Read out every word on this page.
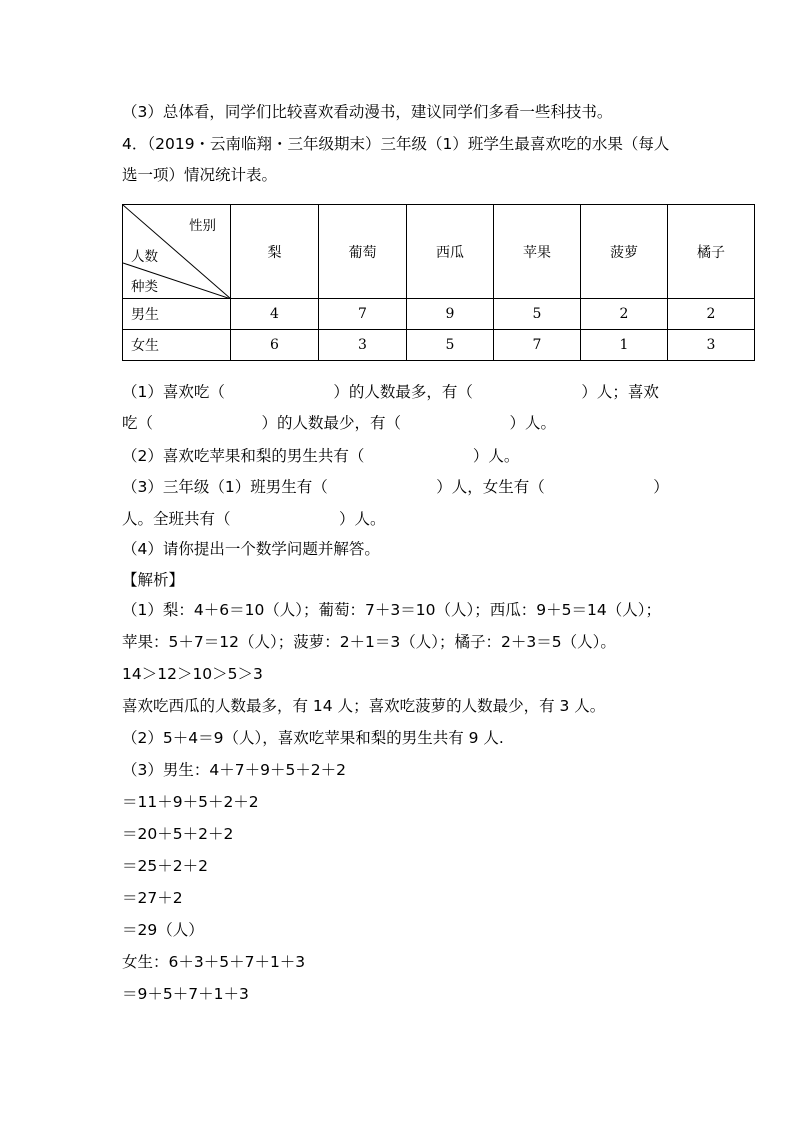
（3）总体看，同学们比较喜欢看动漫书，建议同学们多看一些科技书。
4．（2019・云南临翔・三年级期末）三年级（1）班学生最喜欢吃的水果（每人
选一项）情况统计表。
性别
人数
种类	梨	葡萄	西瓜	苹果	菠萝	橘子
男生	4	7	9	5	2	2
女生	6	3	5	7	1	3
（1）喜欢吃（　　　　　　　）的人数最多，有（　　　　　　　）人；喜欢
吃（　　　　　　　）的人数最少，有（　　　　　　　）人。
（2）喜欢吃苹果和梨的男生共有（　　　　　　　）人。
（3）三年级（1）班男生有（　　　　　　　）人，女生有（　　　　　　　）
人。全班共有（　　　　　　　）人。
（4）请你提出一个数学问题并解答。
【解析】
（1）梨：4＋6＝10（人）；葡萄：7＋3＝10（人）；西瓜：9＋5＝14（人）；
苹果：5＋7＝12（人）；菠萝：2＋1＝3（人）；橘子：2＋3＝5（人）。
14＞12＞10＞5＞3
喜欢吃西瓜的人数最多，有 14 人；喜欢吃菠萝的人数最少，有 3 人。
（2）5＋4＝9（人），喜欢吃苹果和梨的男生共有 9 人.
（3）男生：4＋7＋9＋5＋2＋2
＝11＋9＋5＋2＋2
＝20＋5＋2＋2
＝25＋2＋2
＝27＋2
＝29（人）
女生：6＋3＋5＋7＋1＋3
＝9＋5＋7＋1＋3
